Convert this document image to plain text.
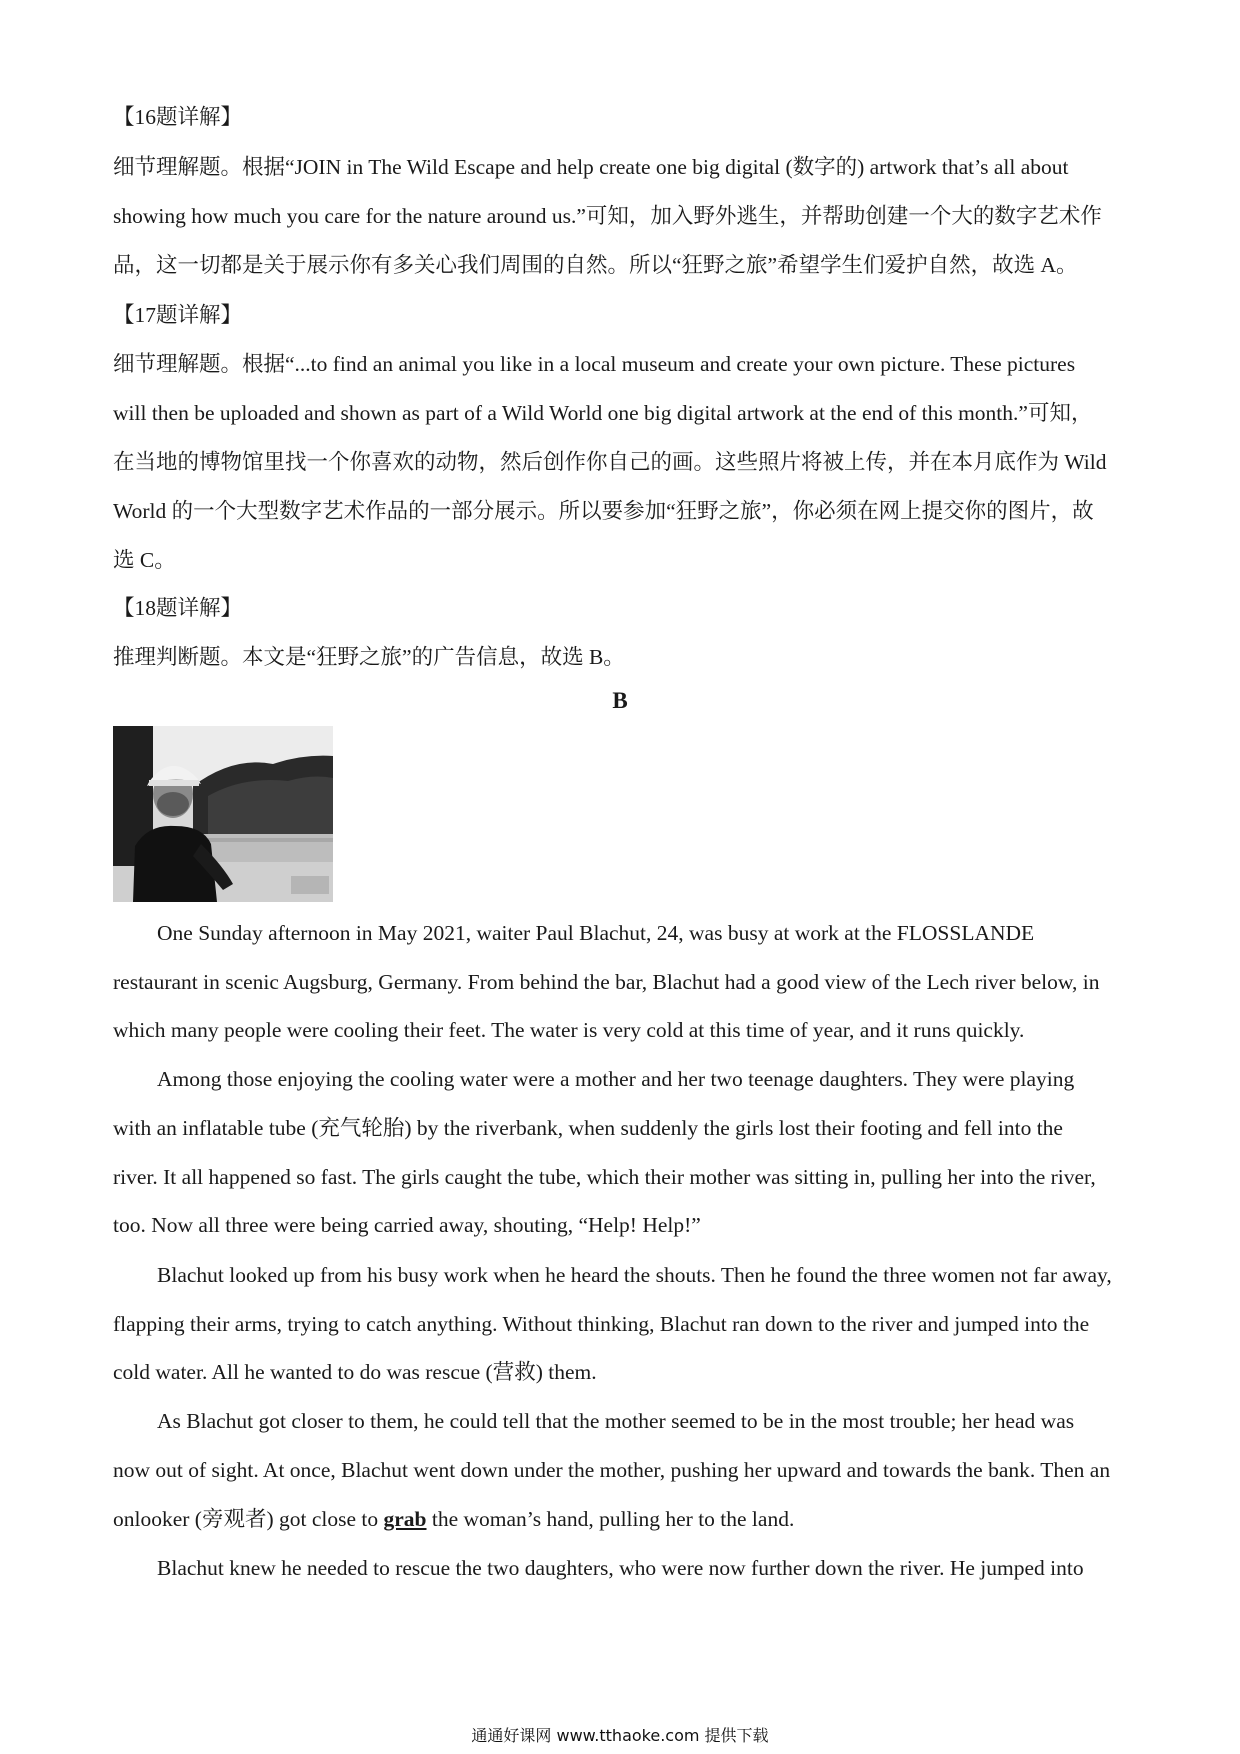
【16题详解】
细节理解题。根据“JOIN in The Wild Escape and help create one big digital (数字的) artwork that’s all about
showing how much you care for the nature around us.”可知，加入野外逃生，并帮助创建一个大的数字艺术作
品，这一切都是关于展示你有多关心我们周围的自然。所以“狂野之旅”希望学生们爱护自然，故选 A。
【17题详解】
细节理解题。根据“...to find an animal you like in a local museum and create your own picture. These pictures
will then be uploaded and shown as part of a Wild World one big digital artwork at the end of this month.”可知，
在当地的博物馆里找一个你喜欢的动物，然后创作你自己的画。这些照片将被上传，并在本月底作为 Wild
World 的一个大型数字艺术作品的一部分展示。所以要参加“狂野之旅”，你必须在网上提交你的图片，故
选 C。
【18题详解】
推理判断题。本文是“狂野之旅”的广告信息，故选 B。
B
One Sunday afternoon in May 2021, waiter Paul Blachut, 24, was busy at work at the FLOSSLANDE
restaurant in scenic Augsburg, Germany. From behind the bar, Blachut had a good view of the Lech river below, in
which many people were cooling their feet. The water is very cold at this time of year, and it runs quickly.
Among those enjoying the cooling water were a mother and her two teenage daughters. They were playing
with an inflatable tube (充气轮胎) by the riverbank, when suddenly the girls lost their footing and fell into the
river. It all happened so fast. The girls caught the tube, which their mother was sitting in, pulling her into the river,
too. Now all three were being carried away, shouting, “Help! Help!”
Blachut looked up from his busy work when he heard the shouts. Then he found the three women not far away,
flapping their arms, trying to catch anything. Without thinking, Blachut ran down to the river and jumped into the
cold water. All he wanted to do was rescue (营救) them.
As Blachut got closer to them, he could tell that the mother seemed to be in the most trouble; her head was
now out of sight. At once, Blachut went down under the mother, pushing her upward and towards the bank. Then an
onlooker (旁观者) got close to grab the woman’s hand, pulling her to the land.
Blachut knew he needed to rescue the two daughters, who were now further down the river. He jumped into
通通好课网 www.tthaoke.com 提供下载
